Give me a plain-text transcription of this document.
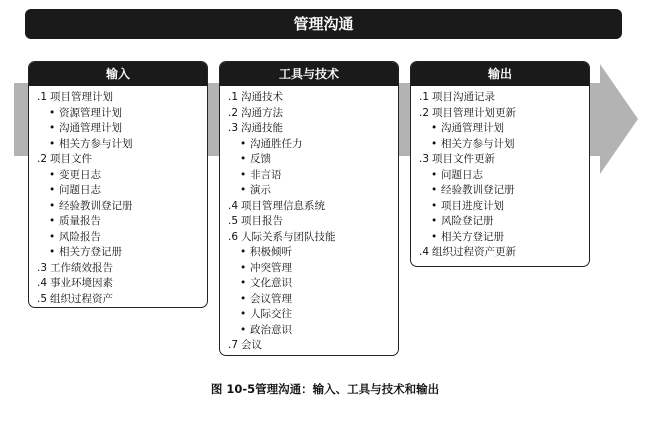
管理沟通
输入
.1 项目管理计划
• 资源管理计划
• 沟通管理计划
• 相关方参与计划
.2 项目文件
• 变更日志
• 问题日志
• 经验教训登记册
• 质量报告
• 风险报告
• 相关方登记册
.3 工作绩效报告
.4 事业环境因素
.5 组织过程资产
工具与技术
.1 沟通技术
.2 沟通方法
.3 沟通技能
• 沟通胜任力
• 反馈
• 非言语
• 演示
.4 项目管理信息系统
.5 项目报告
.6 人际关系与团队技能
• 积极倾听
• 冲突管理
• 文化意识
• 会议管理
• 人际交往
• 政治意识
.7 会议
输出
.1 项目沟通记录
.2 项目管理计划更新
• 沟通管理计划
• 相关方参与计划
.3 项目文件更新
• 问题日志
• 经验教训登记册
• 项目进度计划
• 风险登记册
• 相关方登记册
.4 组织过程资产更新
图 10-5管理沟通：输入、工具与技术和输出
